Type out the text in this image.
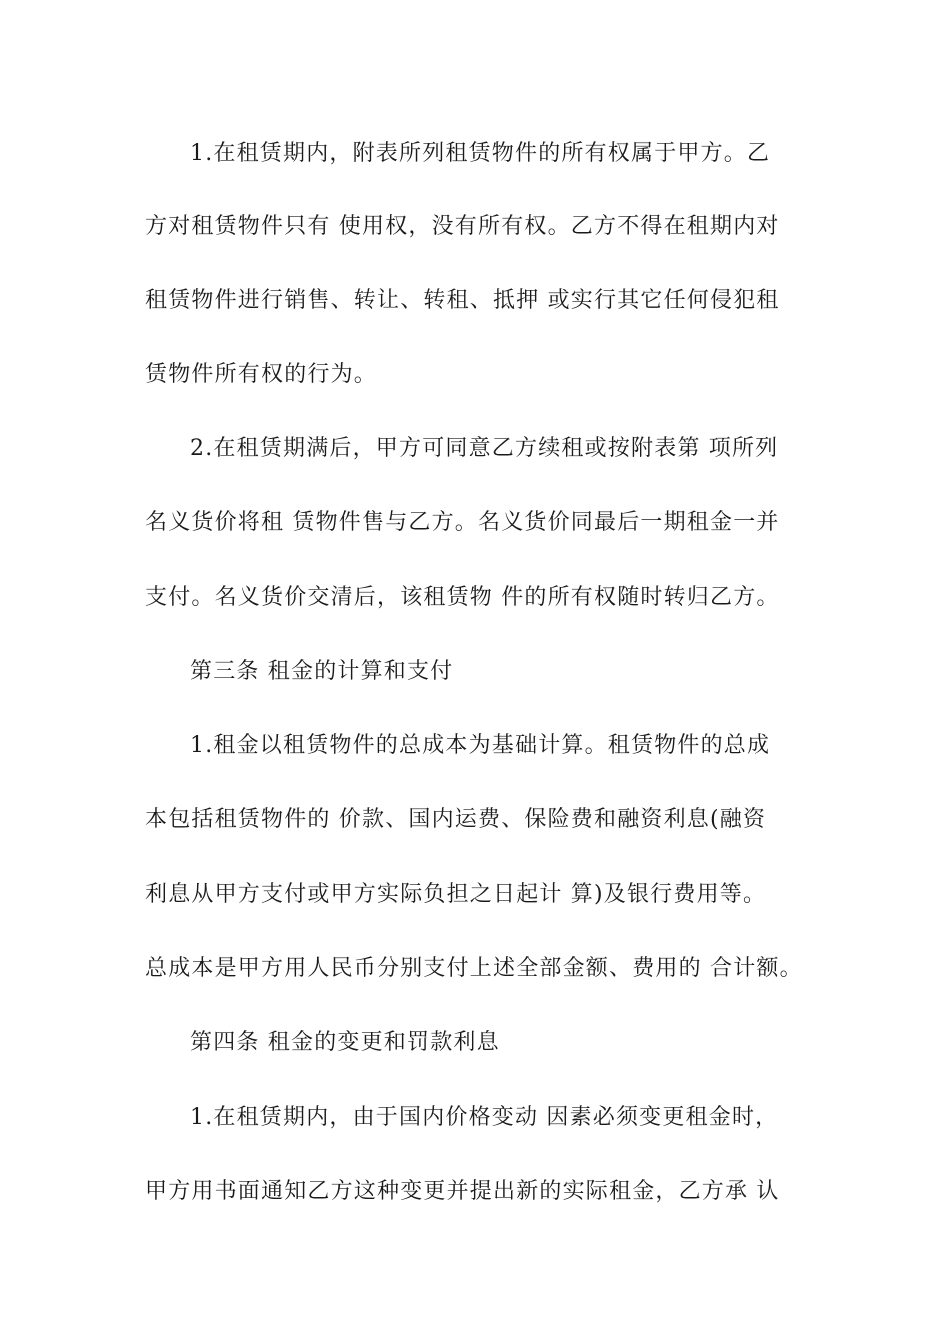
1.在租赁期内，附表所列租赁物件的所有权属于甲方。乙
方对租赁物件只有 使用权，没有所有权。乙方不得在租期内对
租赁物件进行销售、转让、转租、抵押 或实行其它任何侵犯租
赁物件所有权的行为。
2.在租赁期满后，甲方可同意乙方续租或按附表第 项所列
名义货价将租 赁物件售与乙方。名义货价同最后一期租金一并
支付。名义货价交清后，该租赁物 件的所有权随时转归乙方。
第三条 租金的计算和支付
1.租金以租赁物件的总成本为基础计算。租赁物件的总成
本包括租赁物件的 价款、国内运费、保险费和融资利息(融资
利息从甲方支付或甲方实际负担之日起计 算)及银行费用等。
总成本是甲方用人民币分别支付上述全部金额、费用的 合计额。
第四条 租金的变更和罚款利息
1.在租赁期内，由于国内价格变动 因素必须变更租金时，
甲方用书面通知乙方这种变更并提出新的实际租金，乙方承 认
